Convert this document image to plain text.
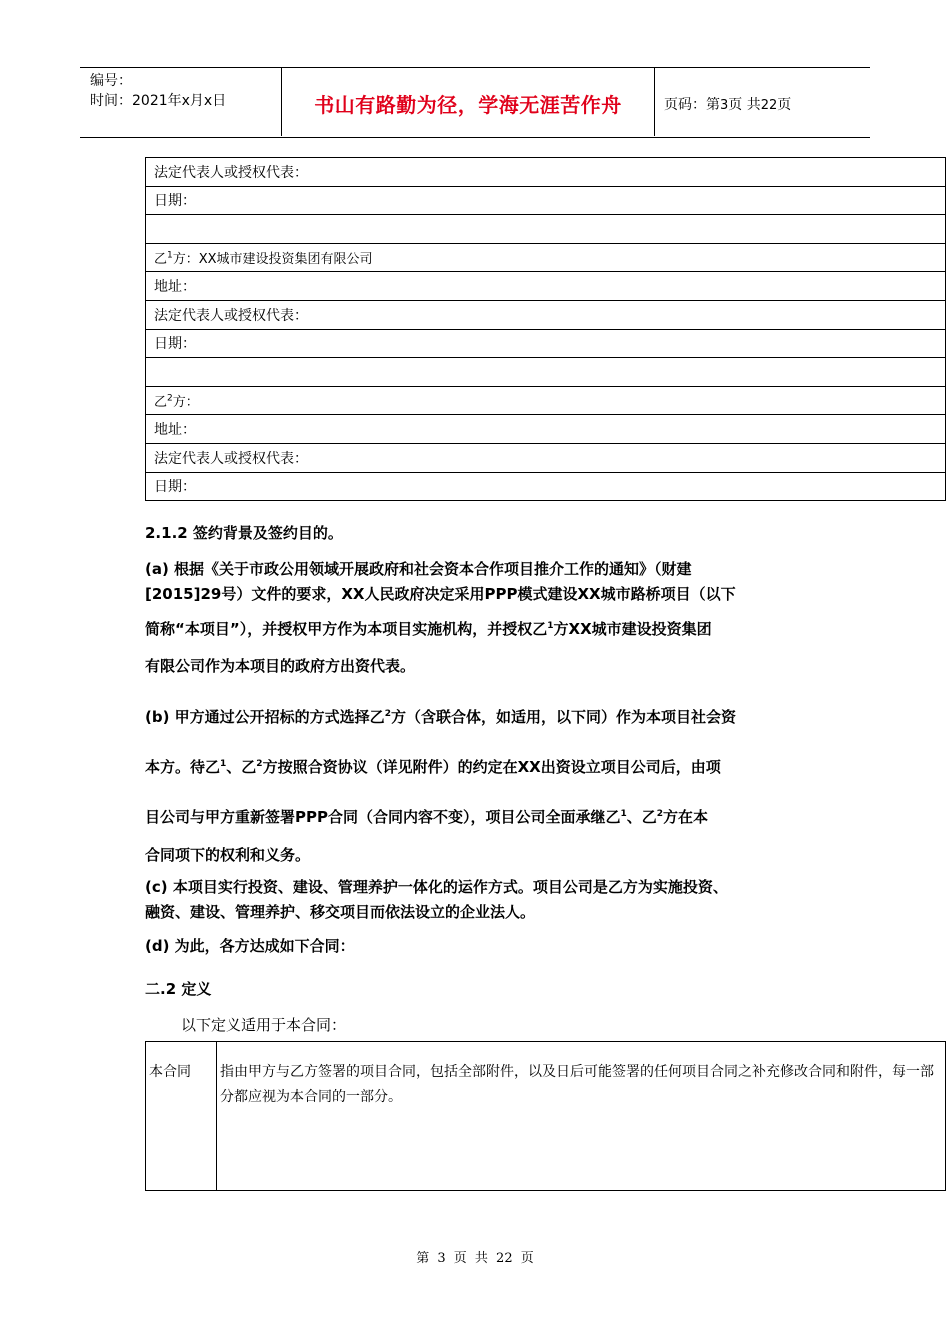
编号：
时间：2021年x月x日	书山有路勤为径，学海无涯苦作舟	页码：第3页 共22页
法定代表人或授权代表：
日期：

乙$^1$方：XX城市建设投资集团有限公司
地址：
法定代表人或授权代表：
日期：

乙$^2$方：
地址：
法定代表人或授权代表：
日期：
2.1.2 签约背景及签约目的。

(a) 根据《关于市政公用领域开展政府和社会资本合作项目推介工作的通知》（财建

[2015]29号）文件的要求，XX人民政府决定采用PPP模式建设XX城市路桥项目（以下

简称“本项目”），并授权甲方作为本项目实施机构，并授权乙$^1$方XX城市建设投资集团

有限公司作为本项目的政府方出资代表。

(b) 甲方通过公开招标的方式选择乙$^2$方（含联合体，如适用，以下同）作为本项目社会资

本方。待乙$^1$、乙$^2$方按照合资协议（详见附件）的约定在XX出资设立项目公司后，由项

目公司与甲方重新签署PPP合同（合同内容不变），项目公司全面承继乙$^1$、乙$^2$方在本

合同项下的权利和义务。

(c) 本项目实行投资、建设、管理养护一体化的运作方式。项目公司是乙方为实施投资、

融资、建设、管理养护、移交项目而依法设立的企业法人。

(d) 为此，各方达成如下合同：
二.2 定义
以下定义适用于本合同：
本合同	指由甲方与乙方签署的项目合同，包括全部附件，以及日后可能签署的任何项目合同之补充修改合同和附件，每一部分都应视为本合同的一部分。
第 3 页 共 22 页
